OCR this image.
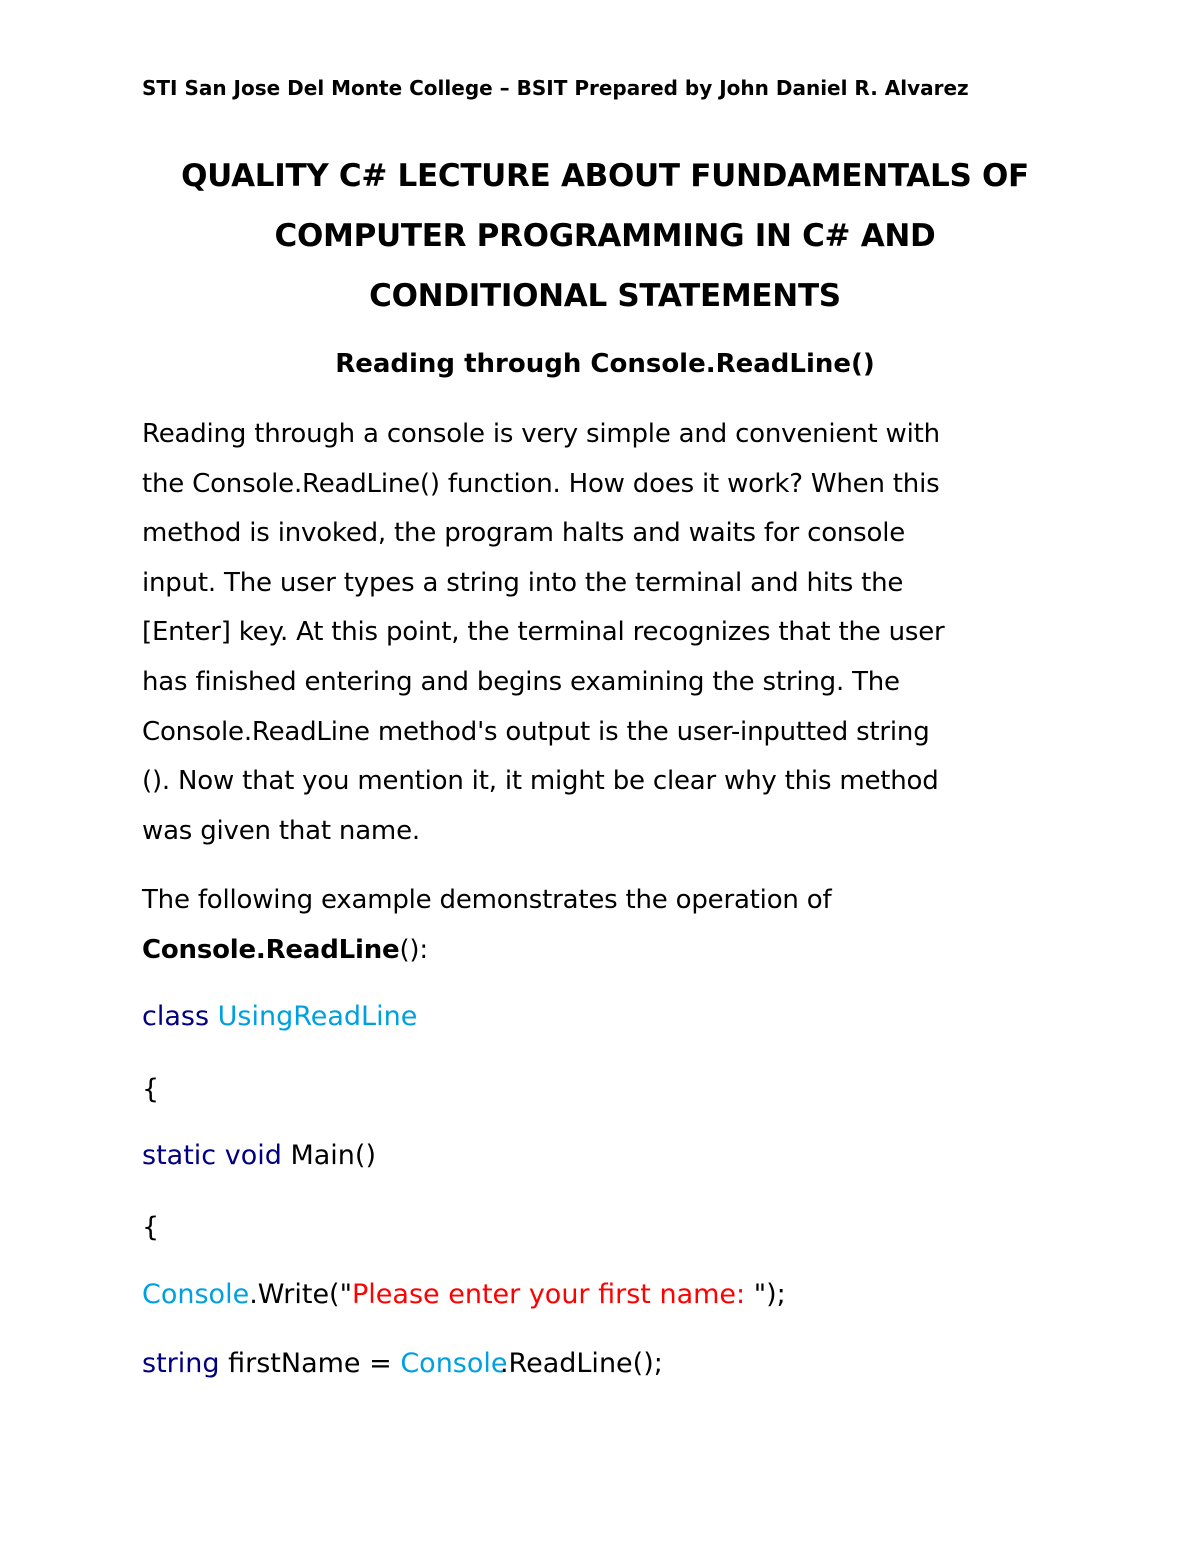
STI San Jose Del Monte College – BSIT Prepared by John Daniel R. Alvarez
QUALITY C# LECTURE ABOUT FUNDAMENTALS OF
COMPUTER PROGRAMMING IN C# AND
CONDITIONAL STATEMENTS
Reading through Console.ReadLine()
Reading through a console is very simple and convenient with
the Console.ReadLine() function. How does it work? When this
method is invoked, the program halts and waits for console
input. The user types a string into the terminal and hits the
[Enter] key. At this point, the terminal recognizes that the user
has finished entering and begins examining the string. The
Console.ReadLine method's output is the user-inputted string
(). Now that you mention it, it might be clear why this method
was given that name.
The following example demonstrates the operation of
Console.ReadLine():
class UsingReadLine
{
static void Main()
{
Console.Write("Please enter your first name: ");
string firstName = Console.ReadLine();
